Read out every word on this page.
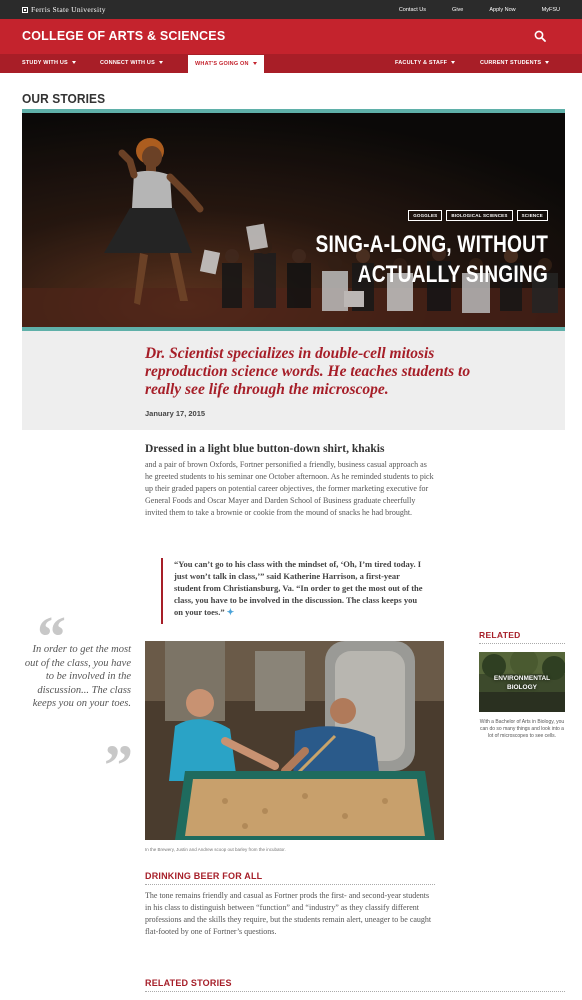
Ferris State University	Contact Us	Give	Apply Now	MyFSU
COLLEGE OF ARTS & SCIENCES
STUDY WITH US	CONNECT WITH US	WHAT'S GOING ON	FACULTY & STAFF	CURRENT STUDENTS
OUR STORIES
GOGGLES	BIOLOGICAL SCIENCES	SCIENCE
SING-A-LONG, WITHOUT
ACTUALLY SINGING
Dr. Scientist specializes in double-cell mitosis reproduction science words. He teaches students to really see life through the microscope.
January 17, 2015
Dressed in a light blue button-down shirt, khakis
and a pair of brown Oxfords, Fortner personified a friendly, business casual approach as he greeted students to his seminar one October afternoon. As he reminded students to pick up their graded papers on potential career objectives, the former marketing executive for General Foods and Oscar Mayer and Darden School of Business graduate cheerfully invited them to take a brownie or cookie from the mound of snacks he had brought.
“You can’t go to his class with the mindset of, ‘Oh, I’m tired today. I just won’t talk in class,’” said Katherine Harrison, a first-year student from Christiansburg, Va. “In order to get the most out of the class, you have to be involved in the discussion. The class keeps you on your toes.” ✦
“
In order to get the most out of the class, you have to be involved in the discussion... The class keeps you on your toes.
”
In the Brewery, Justin and Andrew scoop out barley from the incubator.
RELATED
ENVIRONMENTAL
BIOLOGY
With a Bachelor of Arts in Biology, you can do so many things and look into a lot of microscopes to see cells.
DRINKING BEER FOR ALL
The tone remains friendly and casual as Fortner prods the first- and second-year students in his class to distinguish between “function” and “industry” as they classify different professions and the skills they require, but the students remain alert, uneager to be caught flat-footed by one of Fortner’s questions.
RELATED STORIES
